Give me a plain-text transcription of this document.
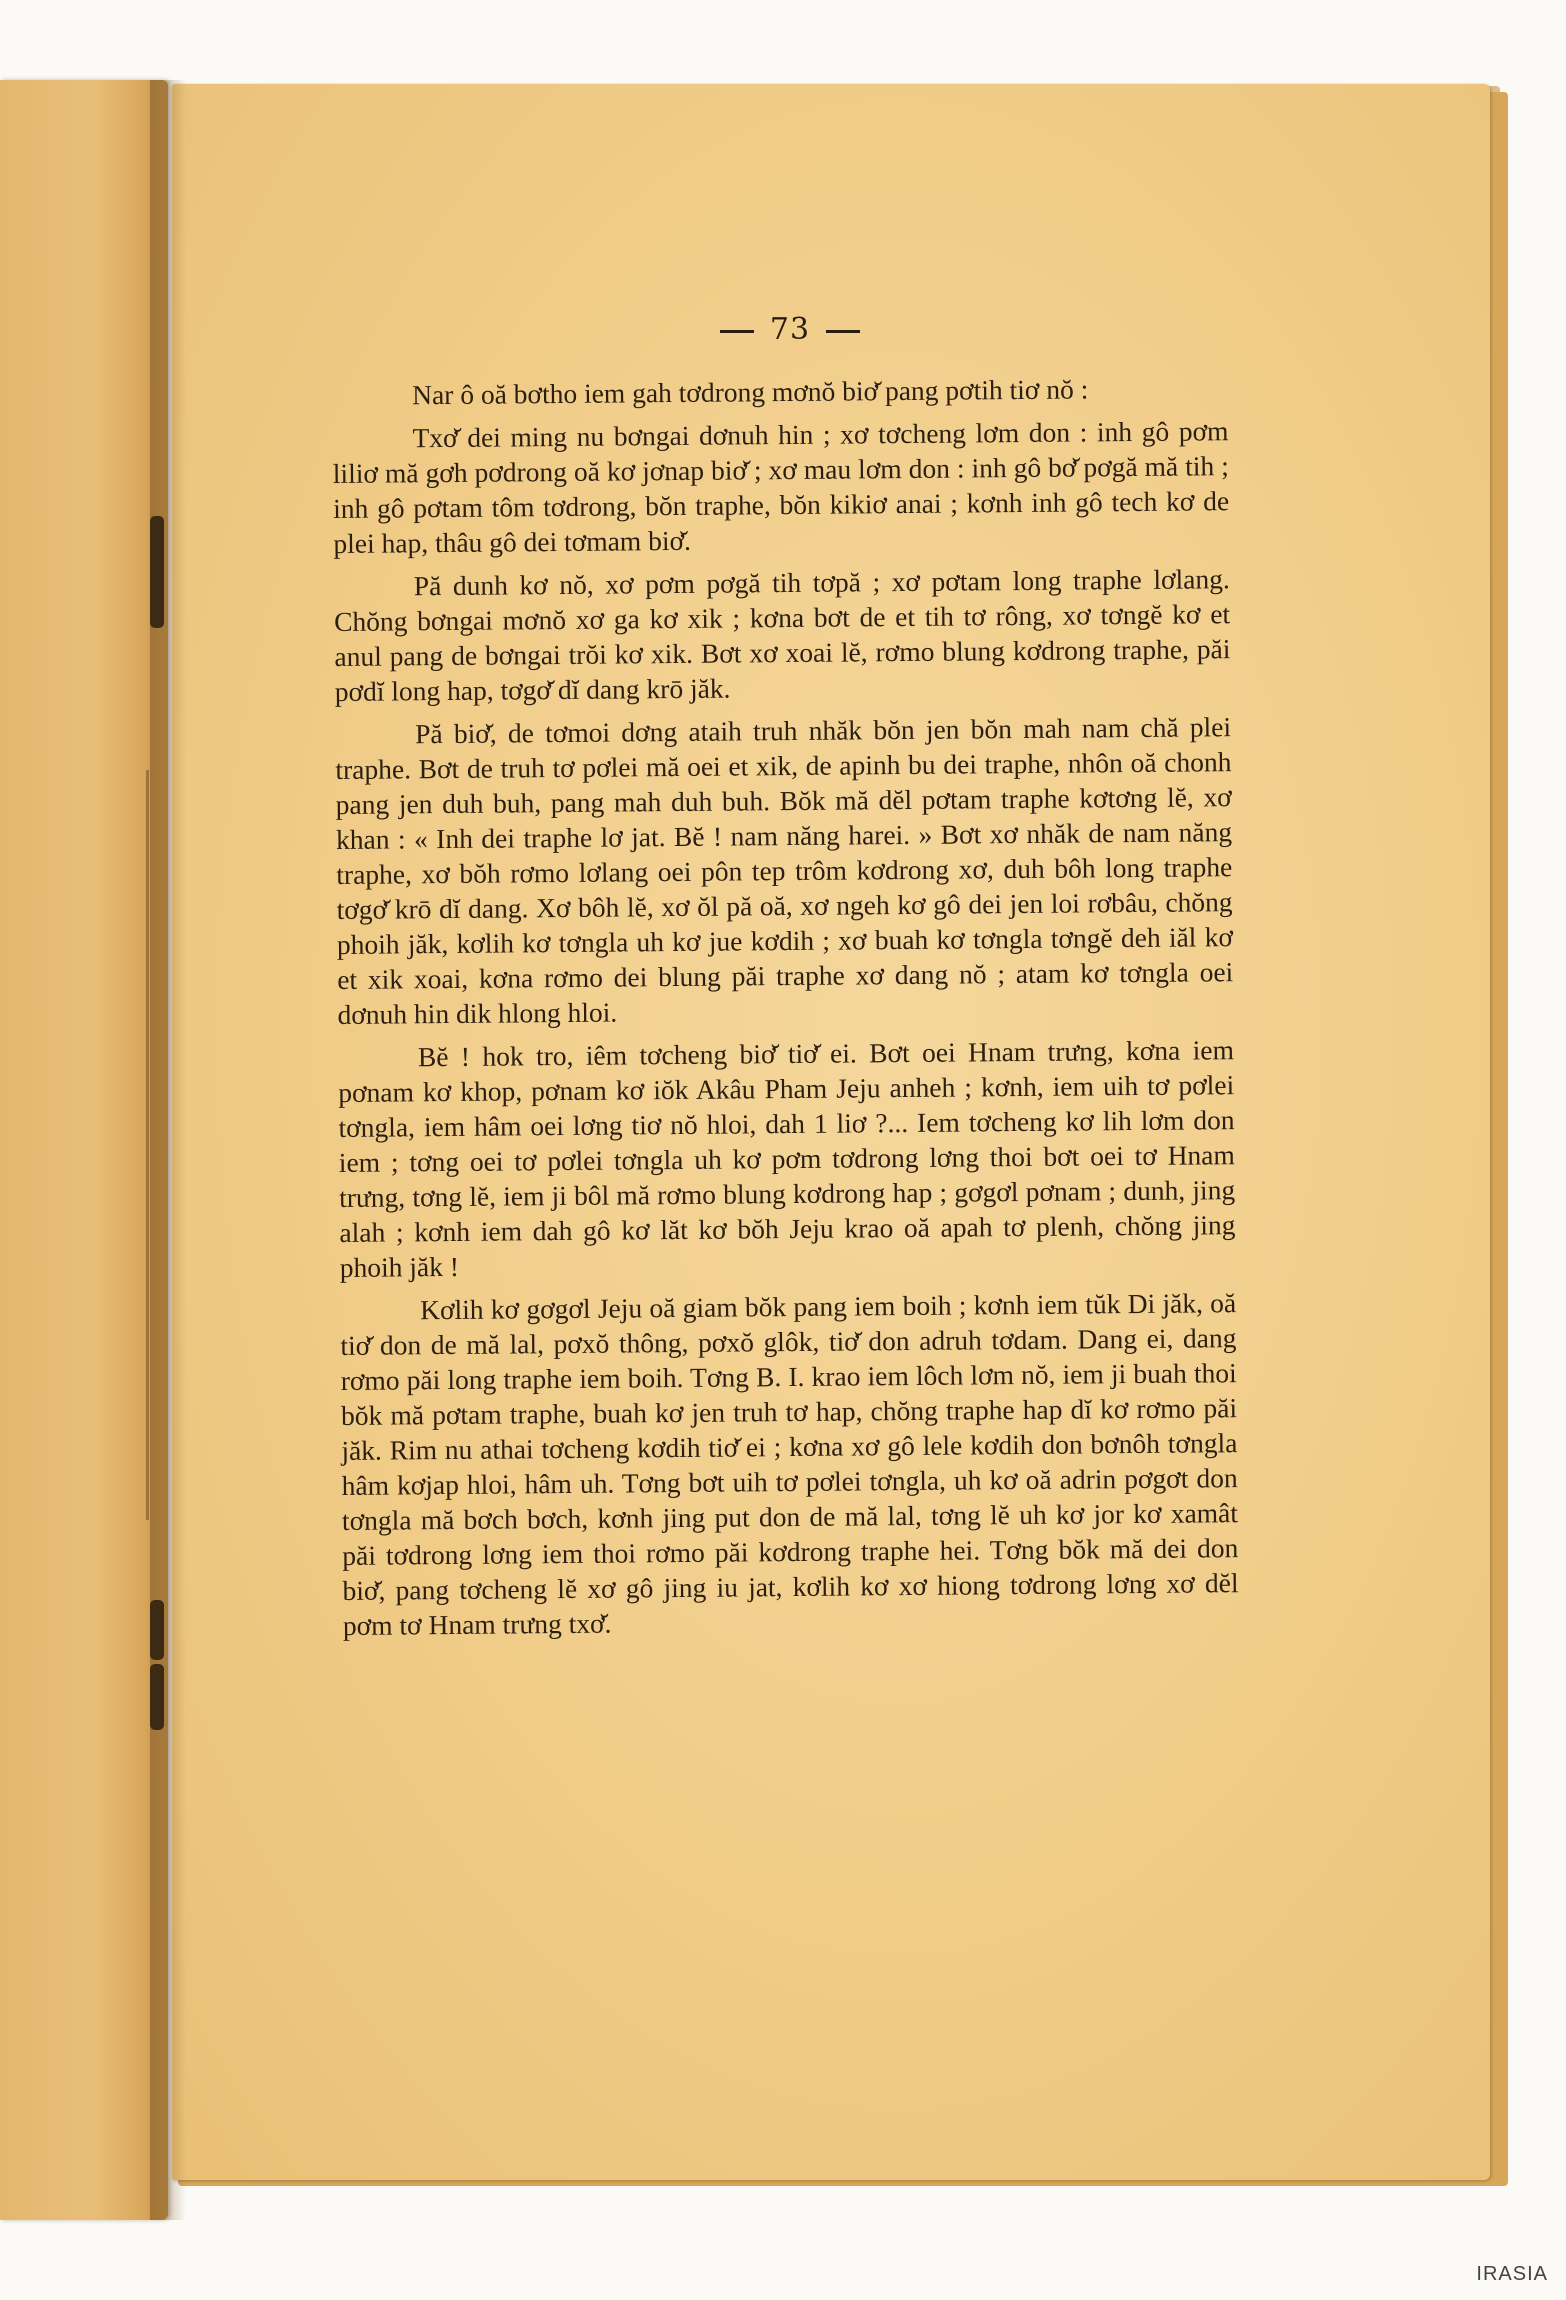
73

Nar ô oă bơtho iem gah tơdrong mơnŏ biơ̆ pang pơtih tiơ nŏ :

Txơ̆ dei ming nu bơngai dơnuh hin ; xơ tơcheng lơm don : inh gô pơm liliơ mă gơh pơdrong oă kơ jơnap biơ̆ ; xơ mau lơm don : inh gô bơ̆ pơgă mă tih ; inh gô pơtam tôm tơdrong, bŏn traphe, bŏn kikiơ anai ; kơnh inh gô tech kơ de plei hap, thâu gô dei tơmam biơ̆.

Pă dunh kơ nŏ, xơ pơm pơgă tih tơpă ; xơ pơtam long traphe lơlang. Chŏng bơngai mơnŏ xơ ga kơ xik ; kơna bơt de et tih tơ rông, xơ tơngĕ kơ et anul pang de bơngai trŏi kơ xik. Bơt xơ xoai lĕ, rơmo blung kơdrong traphe, păi pơdĭ long hap, tơgơ̆ dĭ dang krō jăk.

Pă biơ̆, de tơmoi dơng ataih truh nhăk bŏn jen bŏn mah nam chă plei traphe. Bơt de truh tơ pơlei mă oei et xik, de apinh bu dei traphe, nhôn oă chonh pang jen duh buh, pang mah duh buh. Bŏk mă dĕl pơtam traphe kơtơng lĕ, xơ khan : « Inh dei traphe lơ jat. Bĕ ! nam năng harei. » Bơt xơ nhăk de nam năng traphe, xơ bŏh rơmo lơlang oei pôn tep trôm kơdrong xơ, duh bôh long traphe tơgơ̆ krō dĭ dang. Xơ bôh lĕ, xơ ŏl pă oă, xơ ngeh kơ gô dei jen loi rơbâu, chŏng phoih jăk, kơlih kơ tơngla uh kơ jue kơdih ; xơ buah kơ tơngla tơngĕ deh iăl kơ et xik xoai, kơna rơmo dei blung păi traphe xơ dang nŏ ; atam kơ tơngla oei dơnuh hin dik hlong hloi.

Bĕ ! hok tro, iêm tơcheng biơ̆ tiơ̆ ei. Bơt oei Hnam trưng, kơna iem pơnam kơ khop, pơnam kơ iŏk Akâu Pham Jeju anheh ; kơnh, iem uih tơ pơlei tơngla, iem hâm oei lơng tiơ nŏ hloi, dah 1 liơ ?... Iem tơcheng kơ lih lơm don iem ; tơng oei tơ pơlei tơngla uh kơ pơm tơdrong lơng thoi bơt oei tơ Hnam trưng, tơng lĕ, iem ji bôl mă rơmo blung kơdrong hap ; gơgơl pơnam ; dunh, jing alah ; kơnh iem dah gô kơ lăt kơ bŏh Jeju krao oă apah tơ plenh, chŏng jing phoih jăk !

Kơlih kơ gơgơl Jeju oă giam bŏk pang iem boih ; kơnh iem tŭk Di jăk, oă tiơ̆ don de mă lal, pơxŏ thông, pơxŏ glôk, tiơ̆ don adruh tơdam. Dang ei, dang rơmo păi long traphe iem boih. Tơng B. I. krao iem lôch lơm nŏ, iem ji buah thoi bŏk mă pơtam traphe, buah kơ jen truh tơ hap, chŏng traphe hap dĭ kơ rơmo păi jăk. Rim nu athai tơcheng kơdih tiơ̆ ei ; kơna xơ gô lele kơdih don bơnôh tơngla hâm kơjap hloi, hâm uh. Tơng bơt uih tơ pơlei tơngla, uh kơ oă adrin pơgơt don tơngla mă bơch bơch, kơnh jing put don de mă lal, tơng lĕ uh kơ jor kơ xamât păi tơdrong lơng iem thoi rơmo păi kơdrong traphe hei. Tơng bŏk mă dei don biơ̆, pang tơcheng lĕ xơ gô jing iu jat, kơlih kơ xơ hiong tơdrong lơng xơ dĕl pơm tơ Hnam trưng txơ̆.

IRASIA
